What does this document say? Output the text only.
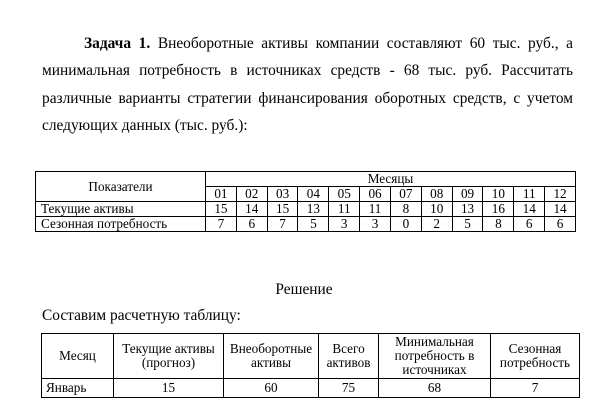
Задача 1. Внеоборотные активы компании составляют 60 тыс. руб., а
минимальная потребность в источниках средств - 68 тыс. руб. Рассчитать
различные варианты стратегии финансирования оборотных средств, с учетом
следующих данных (тыс. руб.):
Показатели	Месяцы											
	01	02	03	04	05	06	07	08	09	10	11	12
Текущие активы	15	14	15	13	11	11	8	10	13	16	14	14
Сезонная потребность	7	6	7	5	3	3	0	2	5	8	6	6

Решение

Составим расчетную таблицу:

Месяц	Текущие активы (прогноз)	Внеоборотные активы	Всего активов	Минимальная потребность в источниках	Сезонная потребность
Январь	15	60	75	68	7
